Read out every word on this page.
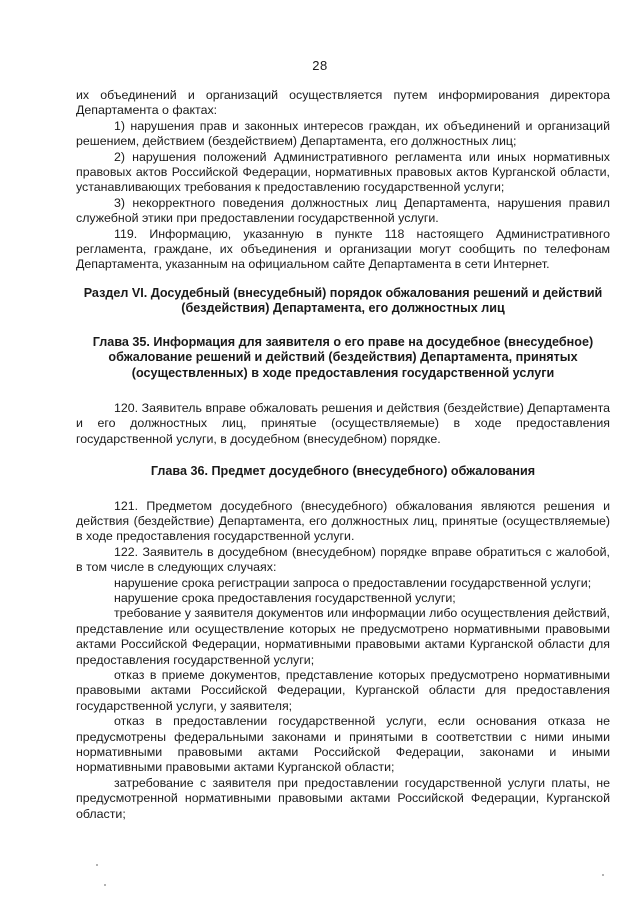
28

их объединений и организаций осуществляется путем информирования директора Департамента о фактах:

1) нарушения прав и законных интересов граждан, их объединений и организаций решением, действием (бездействием) Департамента, его должностных лиц;

2) нарушения положений Административного регламента или иных нормативных правовых актов Российской Федерации, нормативных правовых актов Курганской области, устанавливающих требования к предоставлению государственной услуги;

3) некорректного поведения должностных лиц Департамента, нарушения правил служебной этики при предоставлении государственной услуги.

119. Информацию, указанную в пункте 118 настоящего Административного регламента, граждане, их объединения и организации могут сообщить по телефонам Департамента, указанным на официальном сайте Департамента в сети Интернет.

Раздел VI. Досудебный (внесудебный) порядок обжалования решений и действий (бездействия) Департамента, его должностных лиц
Глава 35. Информация для заявителя о его праве на досудебное (внесудебное) обжалование решений и действий (бездействия) Департамента, принятых (осуществленных) в ходе предоставления государственной услуги

120. Заявитель вправе обжаловать решения и действия (бездействие) Департамента и его должностных лиц, принятые (осуществляемые) в ходе предоставления государственной услуги, в досудебном (внесудебном) порядке.

Глава 36. Предмет досудебного (внесудебного) обжалования

121. Предметом досудебного (внесудебного) обжалования являются решения и действия (бездействие) Департамента, его должностных лиц, принятые (осуществляемые) в ходе предоставления государственной услуги.

122. Заявитель в досудебном (внесудебном) порядке вправе обратиться с жалобой, в том числе в следующих случаях:

нарушение срока регистрации запроса о предоставлении государственной услуги;

нарушение срока предоставления государственной услуги;

требование у заявителя документов или информации либо осуществления действий, представление или осуществление которых не предусмотрено нормативными правовыми актами Российской Федерации, нормативными правовыми актами Курганской области для предоставления государственной услуги;

отказ в приеме документов, представление которых предусмотрено нормативными правовыми актами Российской Федерации, Курганской области для предоставления государственной услуги, у заявителя;

отказ в предоставлении государственной услуги, если основания отказа не предусмотрены федеральными законами и принятыми в соответствии с ними иными нормативными правовыми актами Российской Федерации, законами и иными нормативными правовыми актами Курганской области;

затребование с заявителя при предоставлении государственной услуги платы, не предусмотренной нормативными правовыми актами Российской Федерации, Курганской области;
